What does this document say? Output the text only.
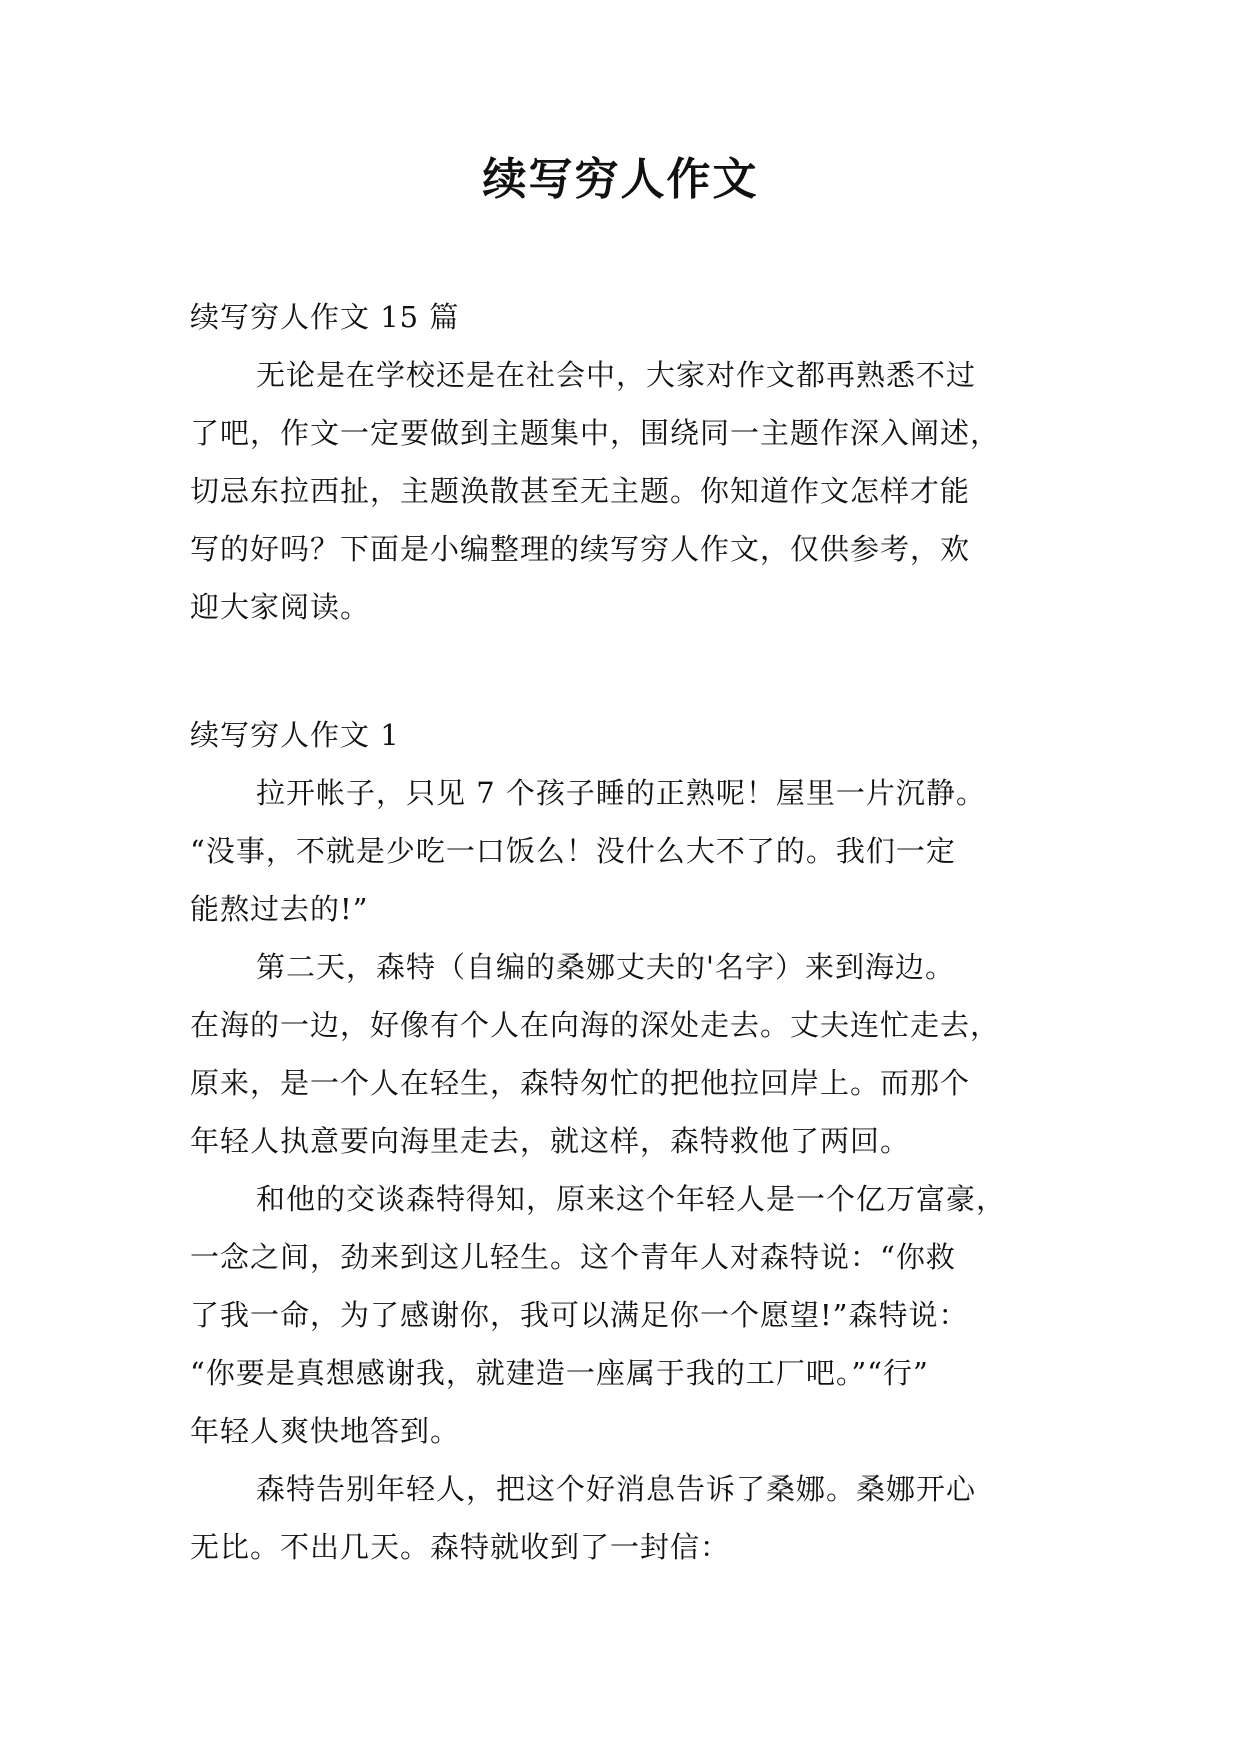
续写穷人作文
续写穷人作文 15 篇
无论是在学校还是在社会中，大家对作文都再熟悉不过
了吧，作文一定要做到主题集中，围绕同一主题作深入阐述，
切忌东拉西扯，主题涣散甚至无主题。你知道作文怎样才能
写的好吗？下面是小编整理的续写穷人作文，仅供参考，欢
迎大家阅读。
续写穷人作文 1
拉开帐子，只见 7 个孩子睡的正熟呢！屋里一片沉静。
“没事，不就是少吃一口饭么！没什么大不了的。我们一定
能熬过去的!”
第二天，森特（自编的桑娜丈夫的'名字）来到海边。
在海的一边，好像有个人在向海的深处走去。丈夫连忙走去，
原来，是一个人在轻生，森特匆忙的把他拉回岸上。而那个
年轻人执意要向海里走去，就这样，森特救他了两回。
和他的交谈森特得知，原来这个年轻人是一个亿万富豪，
一念之间，劲来到这儿轻生。这个青年人对森特说：“你救
了我一命，为了感谢你，我可以满足你一个愿望!”森特说：
“你要是真想感谢我，就建造一座属于我的工厂吧。”“行”
年轻人爽快地答到。
森特告别年轻人，把这个好消息告诉了桑娜。桑娜开心
无比。不出几天。森特就收到了一封信：
